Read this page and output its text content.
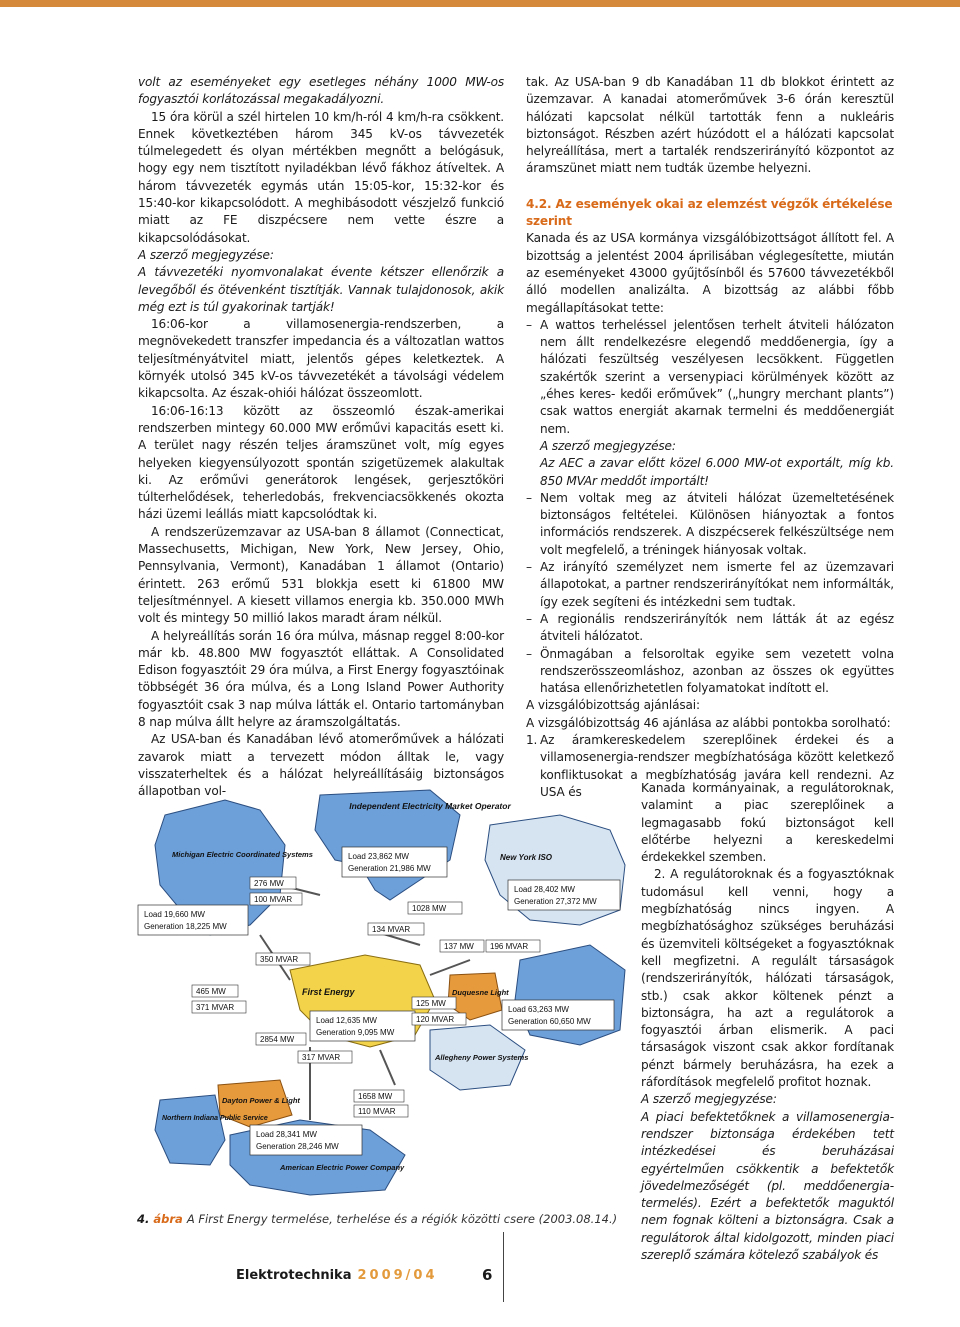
volt az eseményeket egy esetleges néhány 1000 MW-os fogyasztói korlátozással megakadályozni.

15 óra körül a szél hirtelen 10 km/h-ról 4 km/h-ra csökkent. Ennek következtében három 345 kV-os távvezeték túlmelegedett és olyan mértékben megnőtt a belógásuk, hogy egy nem tisztított nyiladékban lévő fákhoz átíveltek. A három távvezeték egymás után 15:05-kor, 15:32-kor és 15:40-kor kikapcsolódott. A meghibásodott vészjelző funkció miatt az FE diszpécsere nem vette észre a kikapcsolódásokat.

A szerző megjegyzése:

A távvezetéki nyomvonalakat évente kétszer ellenőrzik a levegőből és ötévenként tisztítják. Vannak tulajdonosok, akik még ezt is túl gyakorinak tartják!

16:06-kor a villamosenergia-rendszerben, a megnövekedett transzfer impedancia és a változatlan wattos teljesítményátvitel miatt, jelentős gépes keletkeztek. A környék utolsó 345 kV-os távvezetékét a távolsági védelem kikapcsolta. Az észak-ohiói hálózat összeomlott.

16:06-16:13 között az összeomló észak-amerikai rendszerben mintegy 60.000 MW erőművi kapacitás esett ki. A terület nagy részén teljes áramszünet volt, míg egyes helyeken kiegyensúlyozott spontán szigetüzemek alakultak ki. Az erőművi generátorok lengések, gerjesztőköri túlterhelődések, teherledobás, frekvenciacsökkenés okozta házi üzemi leállás miatt kapcsolódtak ki.

A rendszerüzemzavar az USA-ban 8 államot (Connecticat, Massechusetts, Michigan, New York, New Jersey, Ohio, Pennsylvania, Vermont), Kanadában 1 államot (Ontario) érintett. 263 erőmű 531 blokkja esett ki 61800 MW teljesítménnyel. A kiesett villamos energia kb. 350.000 MWh volt és mintegy 50 millió lakos maradt áram nélkül.

A helyreállítás során 16 óra múlva, másnap reggel 8:00-kor már kb. 48.800 MW fogyasztót elláttak. A Consolidated Edison fogyasztóit 29 óra múlva, a First Energy fogyasztóinak többségét 36 óra múlva, és a Long Island Power Authority fogyasztóit csak 3 nap múlva látták el. Ontario tartományban 8 nap múlva állt helyre az áramszolgáltatás.

Az USA-ban és Kanadában lévő atomerőművek a hálózati zavarok miatt a tervezett módon álltak le, vagy visszaterheltek és a hálózat helyreállításáig biztonságos állapotban vol-

tak. Az USA-ban 9 db Kanadában 11 db blokkot érintett az üzemzavar. A kanadai atomerőművek 3-6 órán keresztül hálózati kapcsolat nélkül tartották fenn a nukleáris biztonságot. Részben azért húzódott el a hálózati kapcsolat helyreállítása, mert a tartalék rendszerirányító központot az áramszünet miatt nem tudták üzembe helyezni.

4.2. Az események okai az elemzést végzők értékelése szerint

Kanada és az USA kormánya vizsgálóbizottságot állított fel. A bizottság a jelentést 2004 áprilisában véglegesítette, miután az eseményeket 43000 gyűjtősínből és 57600 távvezetékből álló modellen analizálta. A bizottság az alábbi főbb megállapításokat tette:

– A wattos terheléssel jelentősen terhelt átviteli hálózaton nem állt rendelkezésre elegendő meddőenergia, így a hálózati feszültség veszélyesen lecsökkent. Független szakértők szerint a versenypiaci körülmények között az „éhes keres- kedői erőművek” („hungry merchant plants”) csak wattos energiát akarnak termelni és meddőenergiát nem.
A szerző megjegyzése:
Az AEC a zavar előtt közel 6.000 MW-ot exportált, míg kb. 850 MVAr meddőt importált!
– Nem voltak meg az átviteli hálózat üzemeltetésének biztonságos feltételei. Különösen hiányoztak a fontos információs rendszerek. A diszpécserek felkészültsége nem volt megfelelő, a tréningek hiányosak voltak.
– Az irányító személyzet nem ismerte fel az üzemzavari állapotokat, a partner rendszerirányítókat nem informálták, így ezek segíteni és intézkedni sem tudtak.
– A regionális rendszerirányítók nem látták át az egész átviteli hálózatot.
– Önmagában a felsoroltak egyike sem vezetett volna rendszerösszeomláshoz, azonban az összes ok együttes hatása ellenőrizhetetlen folyamatokat indított el.

A vizsgálóbizottság ajánlásai:

A vizsgálóbizottság 46 ajánlása az alábbi pontokba sorolható:

1. Az áramkereskedelem szereplőinek érdekei és a villamosenergia-rendszer megbízhatósága között keletkező konfliktusokat a megbízhatóság javára kell rendezni. Az USA és	Kanada kormányainak, a regulátoroknak, valamint a piac szereplőinek a legmagasabb fokú biztonságot kell előtérbe helyezni a kereskedelmi érdekekkel szemben.

2. A regulátoroknak és a fogyasztóknak tudomásul kell venni, hogy a megbízhatóság nincs ingyen. A megbízhatósághoz szükséges beruházási és üzemviteli költségeket a fogyasztóknak kell megfizetni. A regulált társaságok (rendszerirányítók, hálózati társaságok, stb.) csak akkor költenek pénzt a biztonságra, ha azt a regulátorok a fogyasztói árban elismerik. A paci társaságok viszont csak akkor fordítanak pénzt bármely beruházásra, ha ezek a ráfordítások megfelelő profitot hoznak.

A szerző megjegyzése:

A piaci befektetőknek a villamosenergia-rendszer biztonsága érdekében tett intézkedései és beruházásai egyértelműen csökkentik a befektetők jövedelmezőségét (pl. meddőenergia-termelés). Ezért a befektetők maguktól nem fognak költeni a biztonságra. Csak a regulátorok által kidolgozott, minden piaci szereplő számára kötelező szabályok és

Independent Electricity Market Operator
Michigan Electric Coordinated Systems	New York ISO
First Energy	Duquesne Light
Allegheny Power Systems
Dayton Power & Light
Northern Indiana Public Service
American Electric Power Company
Load 23,862 MW
Generation 21,986 MW
Load 19,660 MW
Generation 18,225 MW
Load 28,402 MW
Generation 27,372 MW
Load 12,635 MW
Generation 9,095 MW
Load 63,263 MW
Generation 60,650 MW
Load 28,341 MW
Generation 28,246 MW
276 MW
100 MVAR
1028 MW
134 MVAR
137 MW 196 MVAR
350 MVAR
465 MW
371 MVAR	125 MW
120 MVAR
2854 MW
317 MVAR
1658 MW
110 MVAR
4. ábra A First Energy termelése, terhelése és a régiók közötti csere (2003.08.14.)
Elektrotechnika 2009/04	6
